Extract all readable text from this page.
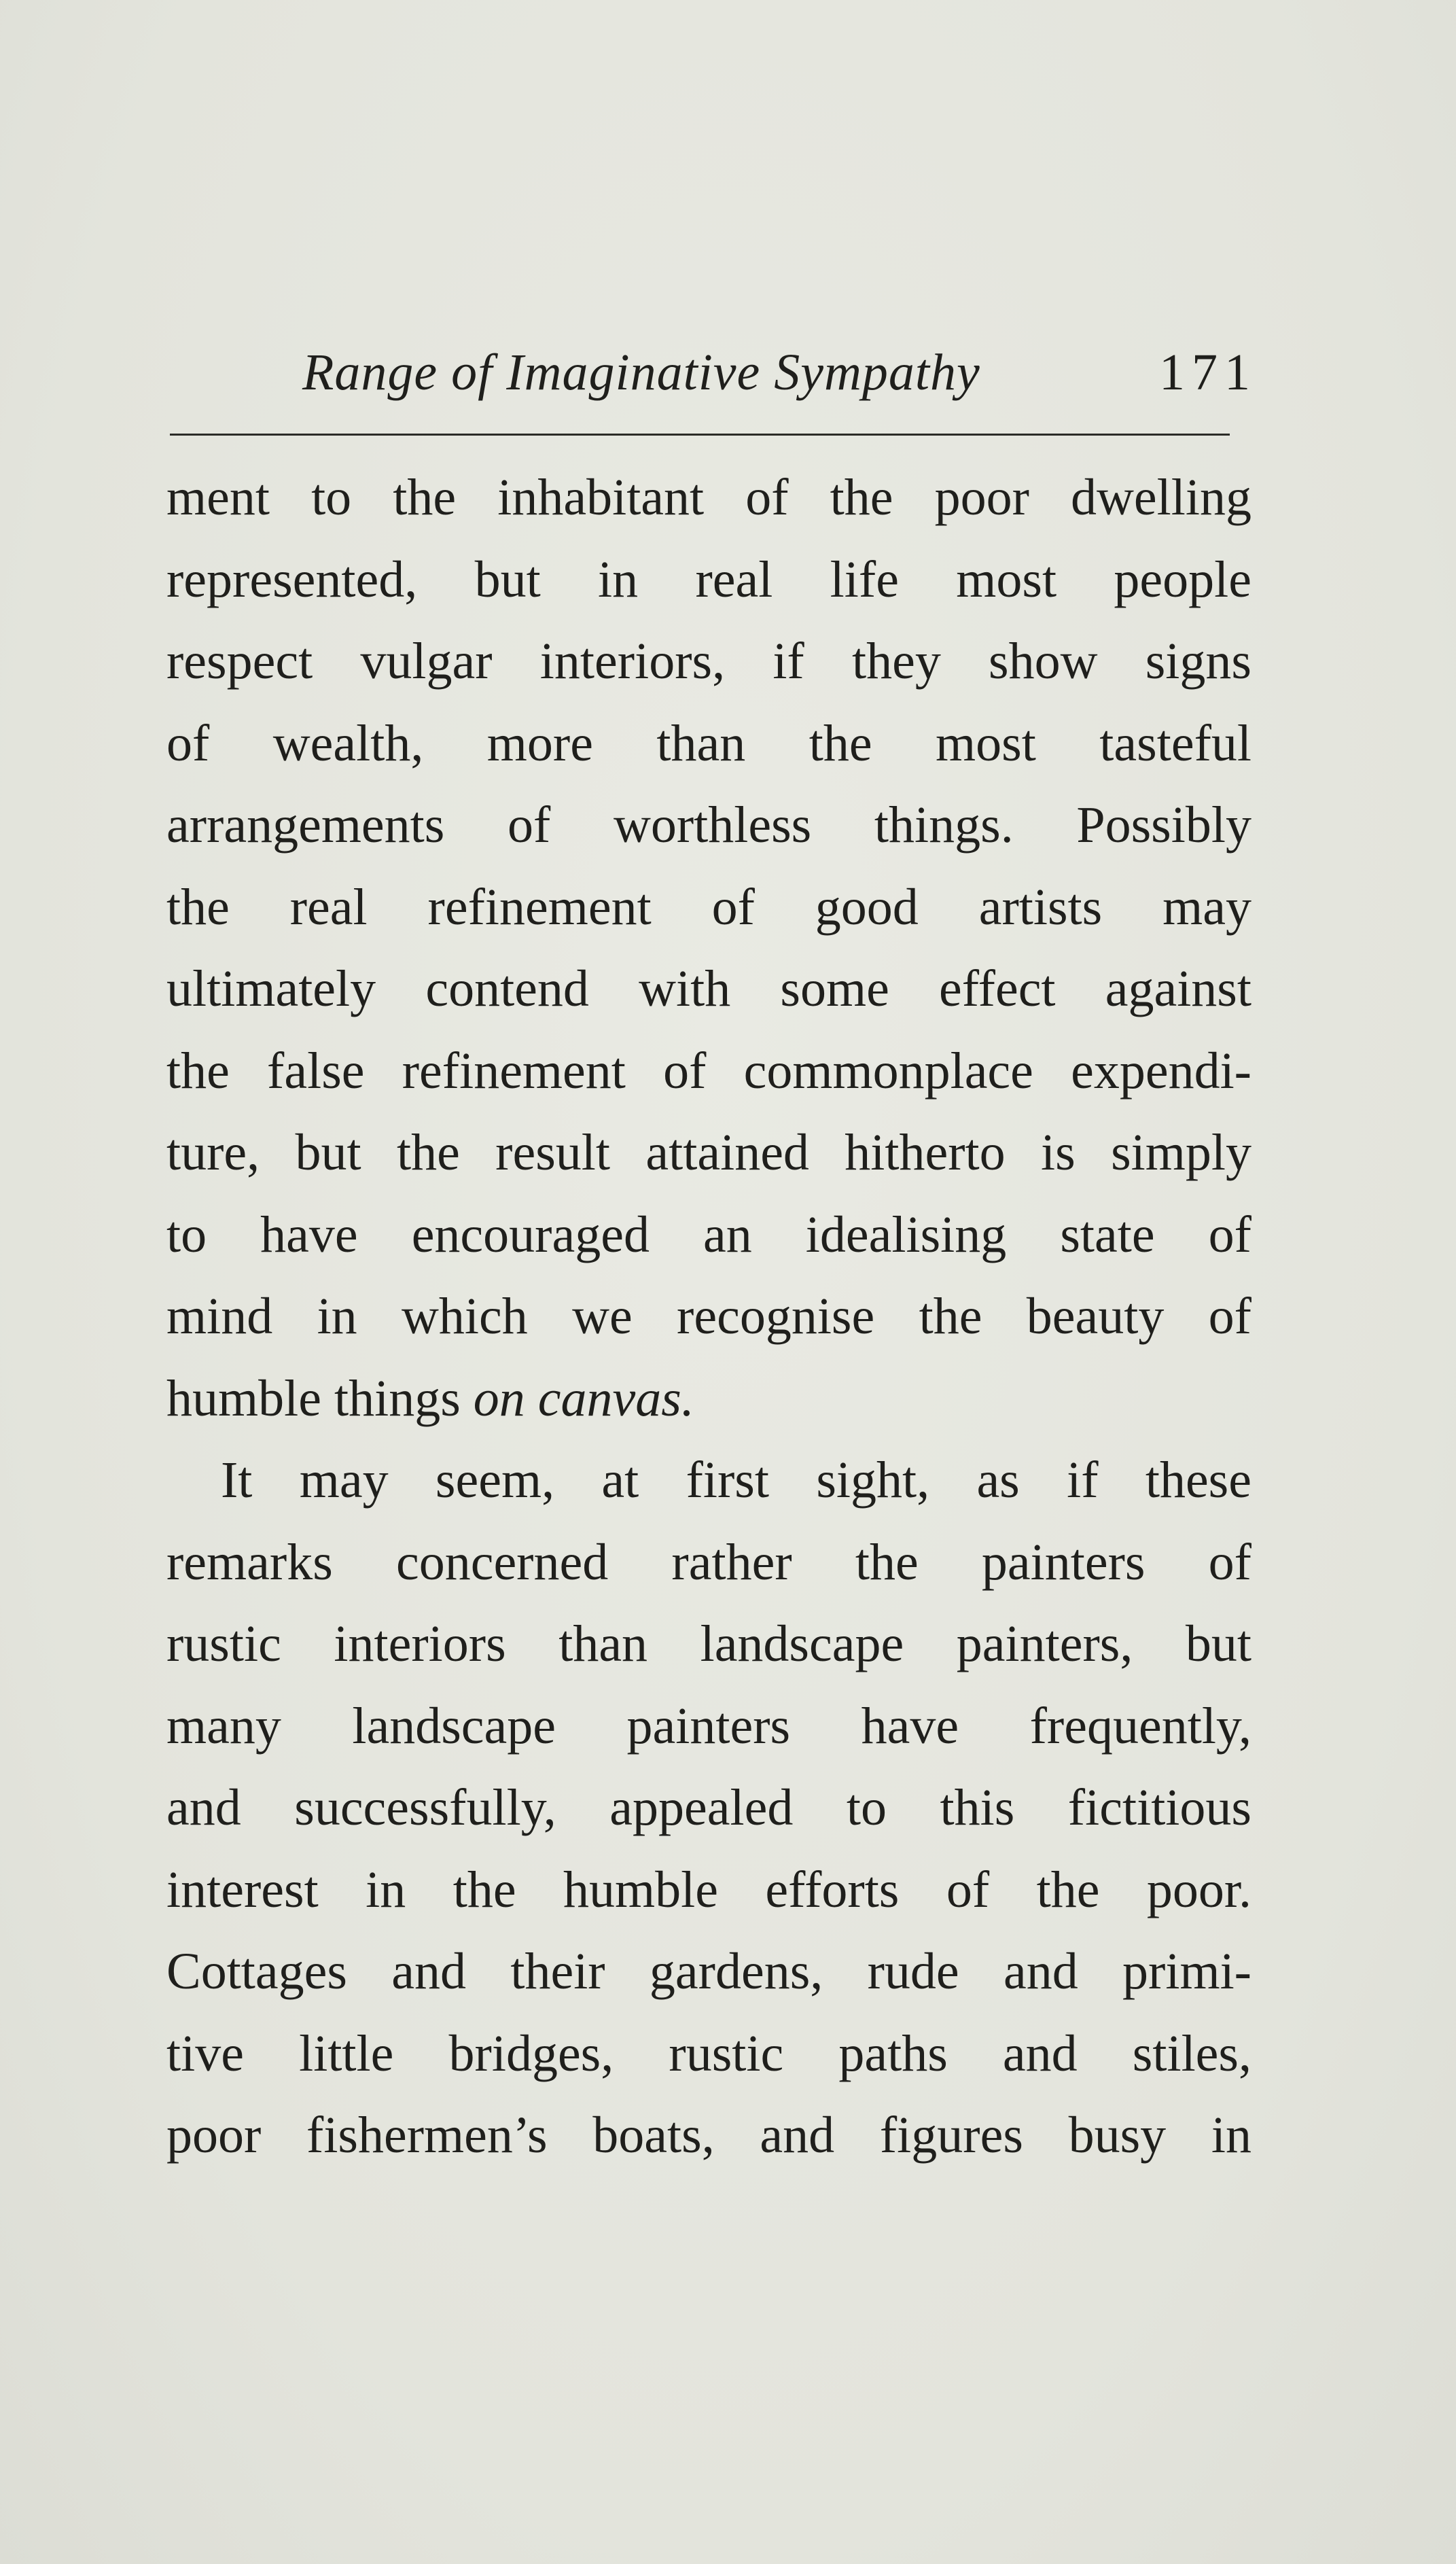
Range of Imaginative Sympathy	171
ment to the inhabitant of the poor dwelling
represented, but in real life most people
respect vulgar interiors, if they show signs
of wealth, more than the most tasteful
arrangements of worthless things. Possibly
the real refinement of good artists may
ultimately contend with some effect against
the false refinement of commonplace expendi-
ture, but the result attained hitherto is simply
to have encouraged an idealising state of
mind in which we recognise the beauty of
humble things on canvas.
It may seem, at first sight, as if these
remarks concerned rather the painters of
rustic interiors than landscape painters, but
many landscape painters have frequently,
and successfully, appealed to this fictitious
interest in the humble efforts of the poor.
Cottages and their gardens, rude and primi-
tive little bridges, rustic paths and stiles,
poor fishermen’s boats, and figures busy in
